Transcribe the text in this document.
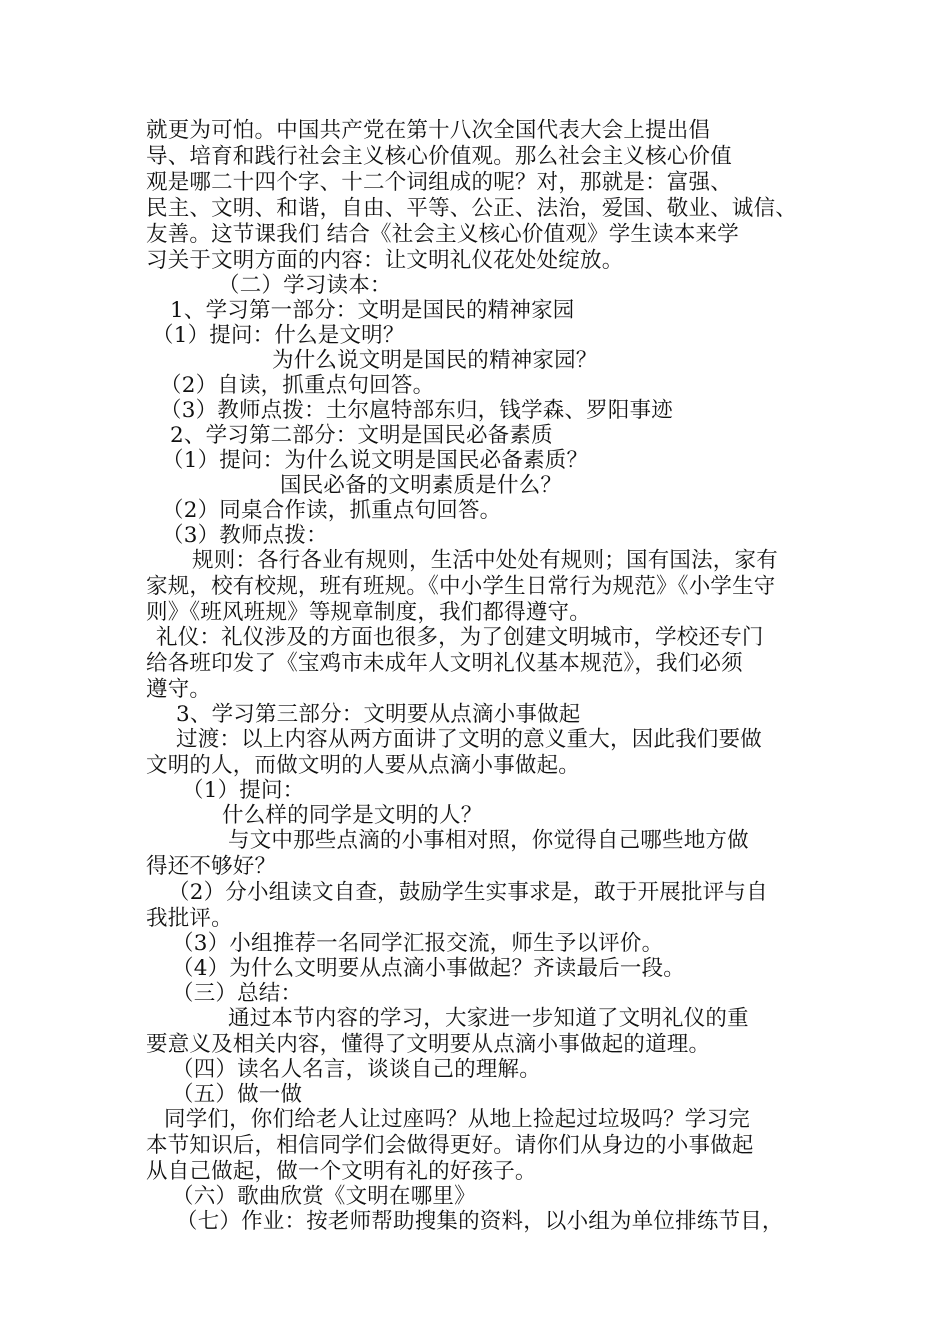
就更为可怕。中国共产党在第十八次全国代表大会上提出倡
导、培育和践行社会主义核心价值观。那么社会主义核心价值
观是哪二十四个字、十二个词组成的呢？对，那就是：富强、
民主、文明、和谐，自由、平等、公正、法治，爱国、敬业、诚信、
友善。这节课我们 结合《社会主义核心价值观》学生读本来学
习关于文明方面的内容：让文明礼仪花处处绽放。
（二）学习读本：
1、学习第一部分：文明是国民的精神家园
（1）提问：什么是文明？
为什么说文明是国民的精神家园？
（2）自读，抓重点句回答。
（3）教师点拨：土尔扈特部东归，钱学森、罗阳事迹
2、学习第二部分：文明是国民必备素质
（1）提问：为什么说文明是国民必备素质？
国民必备的文明素质是什么？
（2）同桌合作读，抓重点句回答。
（3）教师点拨：
规则：各行各业有规则，生活中处处有规则；国有国法，家有
家规，校有校规，班有班规。《中小学生日常行为规范》《小学生守
则》《班风班规》等规章制度，我们都得遵守。
礼仪：礼仪涉及的方面也很多，为了创建文明城市，学校还专门
给各班印发了《宝鸡市未成年人文明礼仪基本规范》，我们必须
遵守。
3、学习第三部分：文明要从点滴小事做起
过渡：以上内容从两方面讲了文明的意义重大，因此我们要做
文明的人，而做文明的人要从点滴小事做起。
（1）提问：
什么样的同学是文明的人？
与文中那些点滴的小事相对照，你觉得自己哪些地方做
得还不够好？
（2）分小组读文自查，鼓励学生实事求是，敢于开展批评与自
我批评。
（3）小组推荐一名同学汇报交流，师生予以评价。
（4）为什么文明要从点滴小事做起？齐读最后一段。
（三）总结：
通过本节内容的学习，大家进一步知道了文明礼仪的重
要意义及相关内容，懂得了文明要从点滴小事做起的道理。
（四）读名人名言，谈谈自己的理解。
（五）做一做
同学们，你们给老人让过座吗？从地上捡起过垃圾吗？学习完
本节知识后，相信同学们会做得更好。请你们从身边的小事做起
从自己做起，做一个文明有礼的好孩子。
（六）歌曲欣赏《文明在哪里》
（七）作业：按老师帮助搜集的资料，以小组为单位排练节目，
